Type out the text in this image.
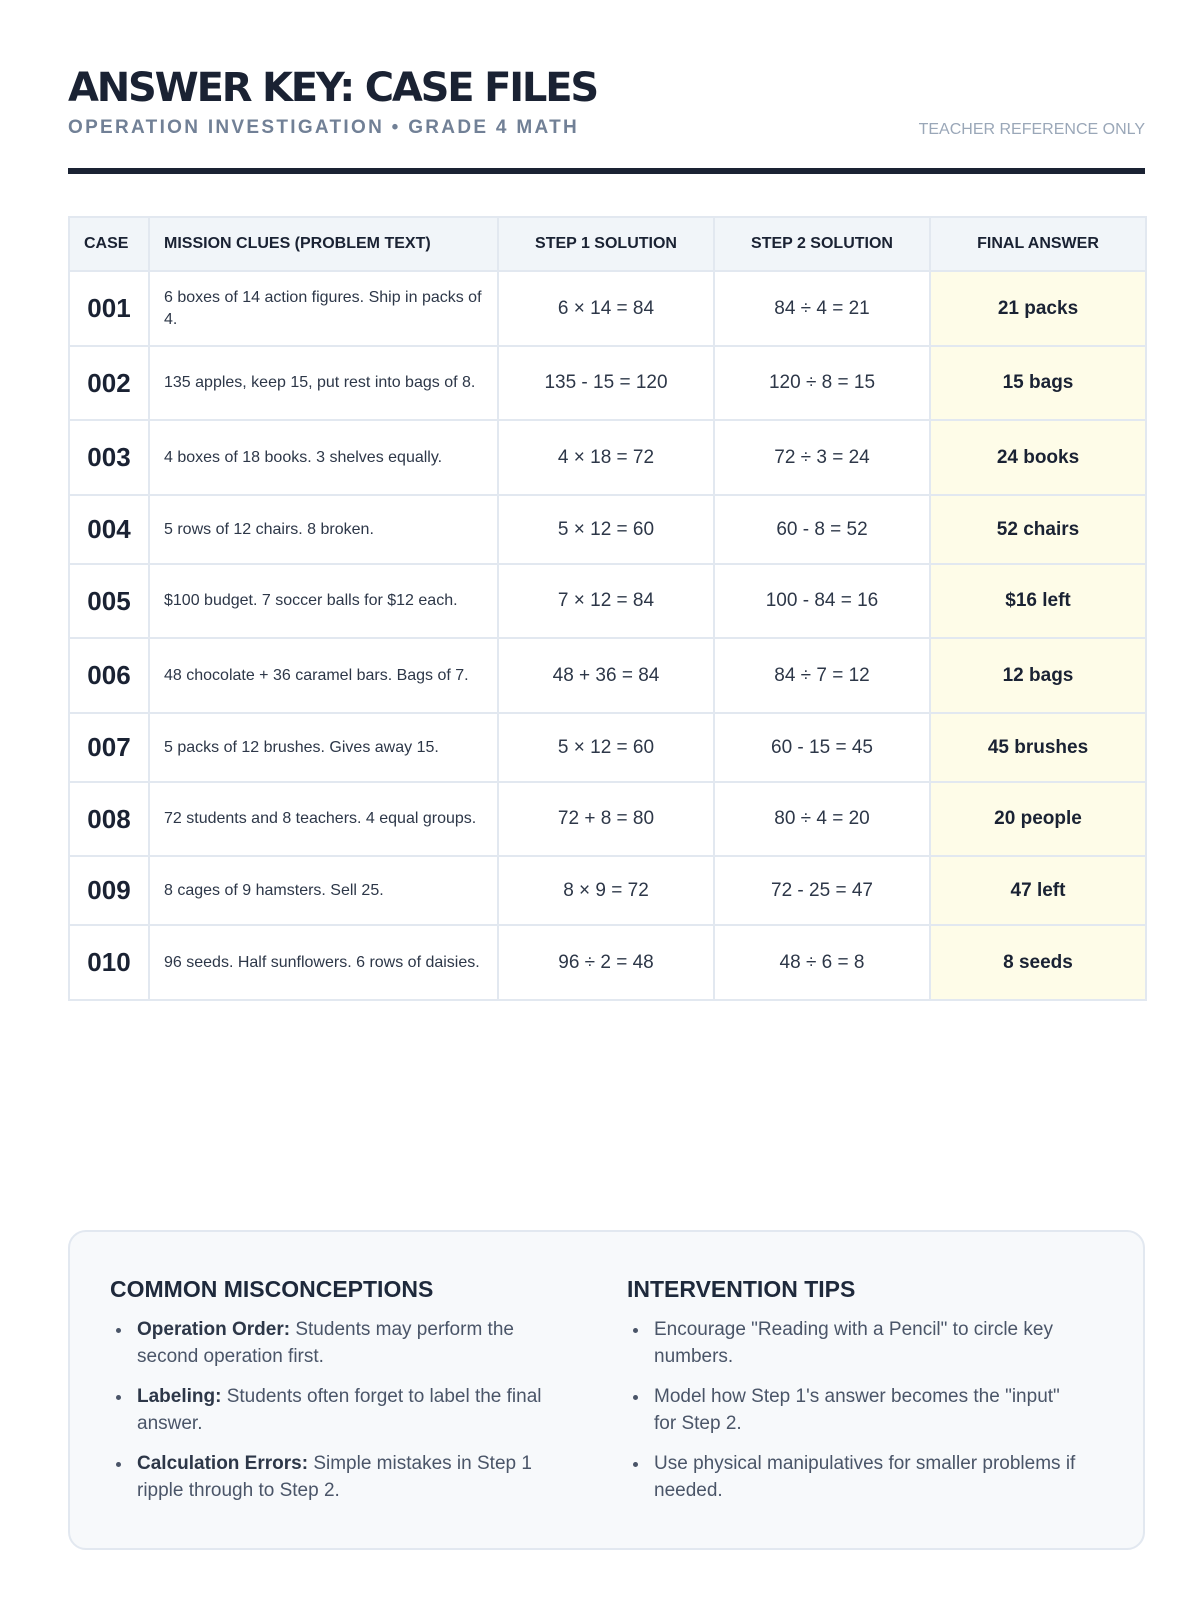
ANSWER KEY: CASE FILES
OPERATION INVESTIGATION • GRADE 4 MATH	TEACHER REFERENCE ONLY
CASE	MISSION CLUES (PROBLEM TEXT)	STEP 1 SOLUTION	STEP 2 SOLUTION	FINAL ANSWER
001	6 boxes of 14 action figures. Ship in packs of 4.	6 × 14 = 84	84 ÷ 4 = 21	21 packs
002	135 apples, keep 15, put rest into bags of 8.	135 - 15 = 120	120 ÷ 8 = 15	15 bags
003	4 boxes of 18 books. 3 shelves equally.	4 × 18 = 72	72 ÷ 3 = 24	24 books
004	5 rows of 12 chairs. 8 broken.	5 × 12 = 60	60 - 8 = 52	52 chairs
005	$100 budget. 7 soccer balls for $12 each.	7 × 12 = 84	100 - 84 = 16	$16 left
006	48 chocolate + 36 caramel bars. Bags of 7.	48 + 36 = 84	84 ÷ 7 = 12	12 bags
007	5 packs of 12 brushes. Gives away 15.	5 × 12 = 60	60 - 15 = 45	45 brushes
008	72 students and 8 teachers. 4 equal groups.	72 + 8 = 80	80 ÷ 4 = 20	20 people
009	8 cages of 9 hamsters. Sell 25.	8 × 9 = 72	72 - 25 = 47	47 left
010	96 seeds. Half sunflowers. 6 rows of daisies.	96 ÷ 2 = 48	48 ÷ 6 = 8	8 seeds
COMMON MISCONCEPTIONS
Operation Order: Students may perform the second operation first.
Labeling: Students often forget to label the final answer.
Calculation Errors: Simple mistakes in Step 1 ripple through to Step 2.
INTERVENTION TIPS
Encourage "Reading with a Pencil" to circle key numbers.
Model how Step 1's answer becomes the "input" for Step 2.
Use physical manipulatives for smaller problems if needed.
